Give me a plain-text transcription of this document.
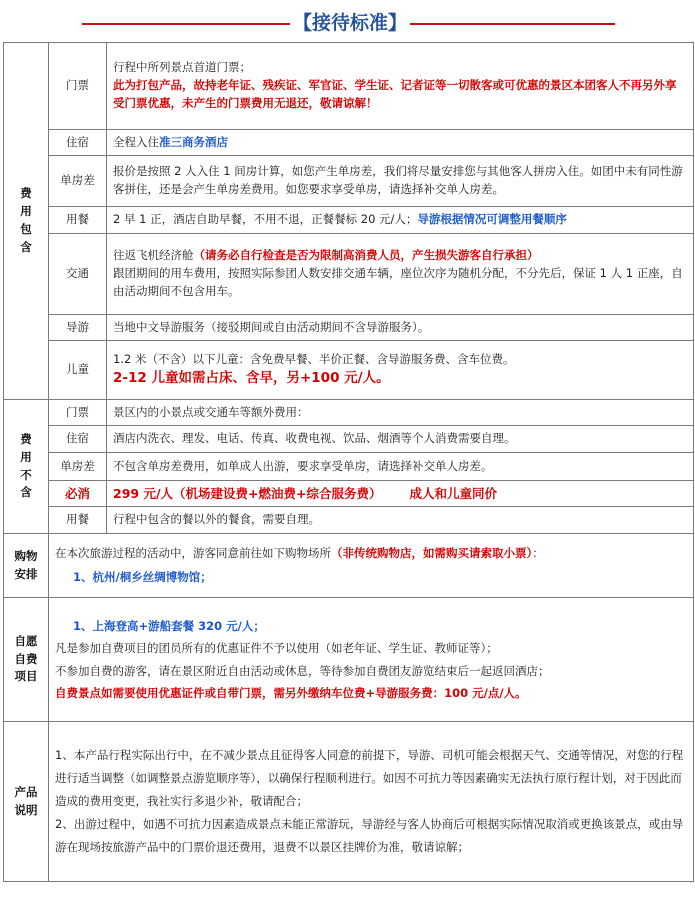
【接待标准】
费
用
包
含	门票	行程中所列景点首道门票；
此为打包产品，故持老年证、残疾证、军官证、学生证、记者证等一切散客或可优惠的景区本团客人不再另外享受门票优惠，未产生的门票费用无退还，敬请谅解！

	住宿	全程入住准三商务酒店
	单房差	报价是按照 2 人入住 1 间房计算，如您产生单房差，我们将尽量安排您与其他客人拼房入住。如团中未有同性游客拼住，还是会产生单房差费用。如您要求享受单房，请选择补交单人房差。
	用餐	2 早 1 正，酒店自助早餐，不用不退，正餐餐标 20 元/人；导游根据情况可调整用餐顺序
	交通	往返飞机经济舱（请务必自行检查是否为限制高消费人员，产生损失游客自行承担）
跟团期间的用车费用，按照实际参团人数安排交通车辆，座位次序为随机分配，不分先后，保证 1 人 1 正座，自由活动期间不包含用车。

	导游	当地中文导游服务（接驳期间或自由活动期间不含导游服务）。
	儿童	1.2 米（不含）以下儿童：含免费早餐、半价正餐、含导游服务费、含车位费。
2-12 儿童如需占床、含早，另+100 元/人。

费
用
不
含	门票	景区内的小景点或交通车等额外费用：
	住宿	酒店内洗衣、理发、电话、传真、收费电视、饮品、烟酒等个人消费需要自理。
	单房差	不包含单房差费用，如单成人出游，要求享受单房，请选择补交单人房差。
	必消	299 元/人（机场建设费+燃油费+综合服务费） 成人和儿童同价
	用餐	行程中包含的餐以外的餐食，需要自理。

购物
安排	在本次旅游过程的活动中，游客同意前往如下购物场所（非传统购物店，如需购买请索取小票）：
1、杭州/桐乡丝绸博物馆；	

自愿
自费
项目	1、上海登高+游船套餐 320 元/人；
凡是参加自费项目的团员所有的优惠证件不予以使用（如老年证、学生证、教师证等）；
不参加自费的游客，请在景区附近自由活动或休息，等待参加自费团友游览结束后一起返回酒店；
自费景点如需要使用优惠证件或自带门票，需另外缴纳车位费+导游服务费：100 元/点/人。	

产品
说明	1、本产品行程实际出行中，在不减少景点且征得客人同意的前提下，导游、司机可能会根据天气、交通等情况，对您的行程进行适当调整（如调整景点游览顺序等），以确保行程顺利进行。如因不可抗力等因素确实无法执行原行程计划，对于因此而造成的费用变更，我社实行多退少补，敬请配合；
2、出游过程中，如遇不可抗力因素造成景点未能正常游玩，导游经与客人协商后可根据实际情况取消或更换该景点，或由导游在现场按旅游产品中的门票价退还费用，退费不以景区挂牌价为准，敬请谅解；	
